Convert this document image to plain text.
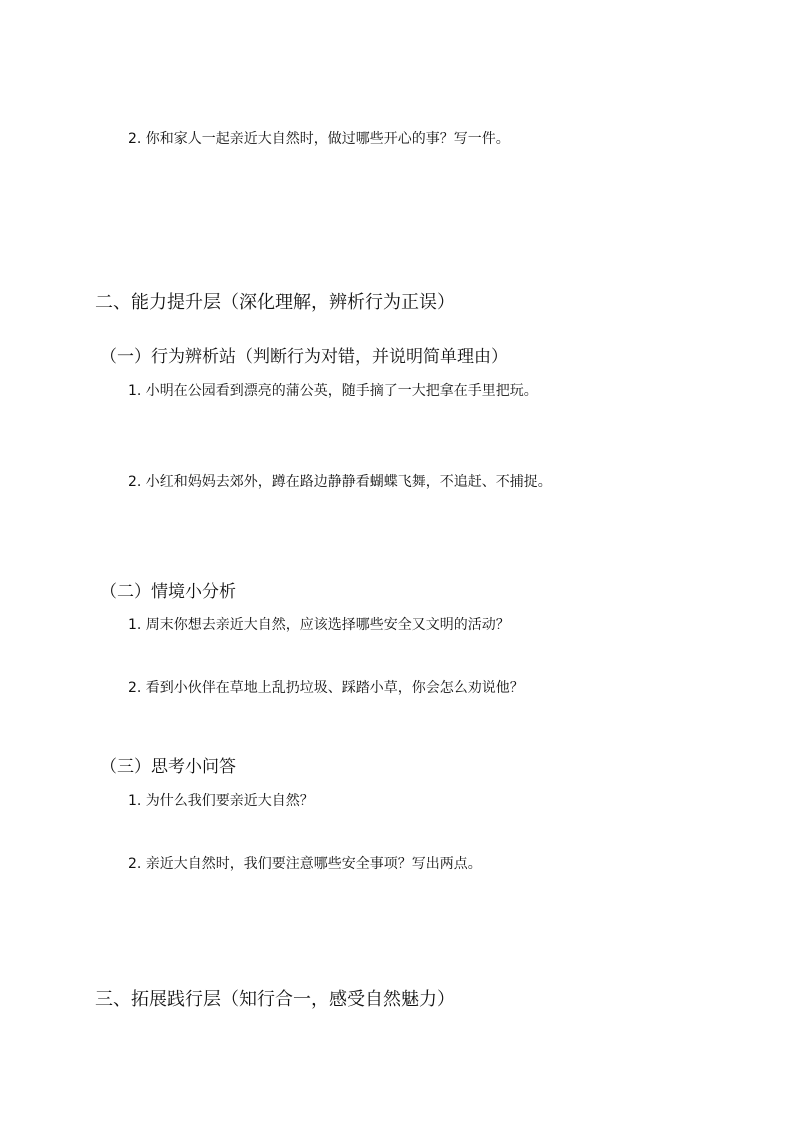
2. 你和家人一起亲近大自然时，做过哪些开心的事？写一件。
二、能力提升层（深化理解，辨析行为正误）
（一）行为辨析站（判断行为对错，并说明简单理由）
1. 小明在公园看到漂亮的蒲公英，随手摘了一大把拿在手里把玩。
2. 小红和妈妈去郊外，蹲在路边静静看蝴蝶飞舞，不追赶、不捕捉。
（二）情境小分析
1. 周末你想去亲近大自然，应该选择哪些安全又文明的活动？
2. 看到小伙伴在草地上乱扔垃圾、踩踏小草，你会怎么劝说他？
（三）思考小问答
1. 为什么我们要亲近大自然？
2. 亲近大自然时，我们要注意哪些安全事项？写出两点。
三、拓展践行层（知行合一，感受自然魅力）
